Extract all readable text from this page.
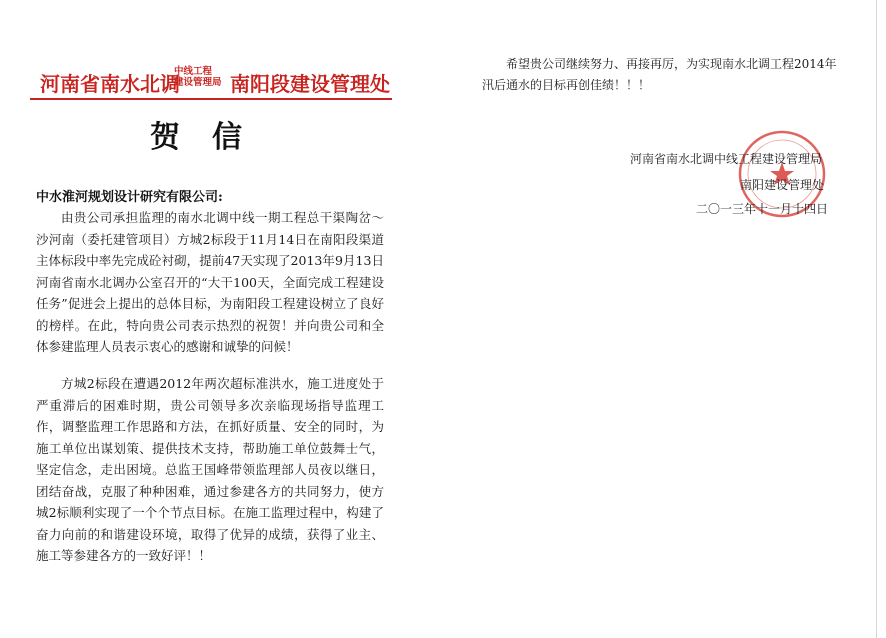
河南省南水北调
中线工程
建设管理局 南阳段建设管理处
贺信
中水淮河规划设计研究有限公司:
由贵公司承担监理的南水北调中线一期工程总干渠陶岔～沙河南（委托建管项目）方城2标段于11月14日在南阳段渠道主体标段中率先完成砼衬砌，提前47天实现了2013年9月13日河南省南水北调办公室召开的“大干100天，全面完成工程建设任务”促进会上提出的总体目标，为南阳段工程建设树立了良好的榜样。在此，特向贵公司表示热烈的祝贺！并向贵公司和全体参建监理人员表示衷心的感谢和诚挚的问候！
方城2标段在遭遇2012年两次超标准洪水，施工进度处于严重滞后的困难时期，贵公司领导多次亲临现场指导监理工作，调整监理工作思路和方法，在抓好质量、安全的同时，为施工单位出谋划策、提供技术支持，帮助施工单位鼓舞士气，坚定信念，走出困境。总监王国峰带领监理部人员夜以继日，团结奋战，克服了种种困难，通过参建各方的共同努力，使方城2标顺利实现了一个个节点目标。在施工监理过程中，构建了奋力向前的和谐建设环境，取得了优异的成绩，获得了业主、施工等参建各方的一致好评！！
希望贵公司继续努力、再接再厉，为实现南水北调工程2014年汛后通水的目标再创佳绩！！！
河南省南水北调中线工程建设管理局
南阳建设管理处
二〇一三年十一月十四日
